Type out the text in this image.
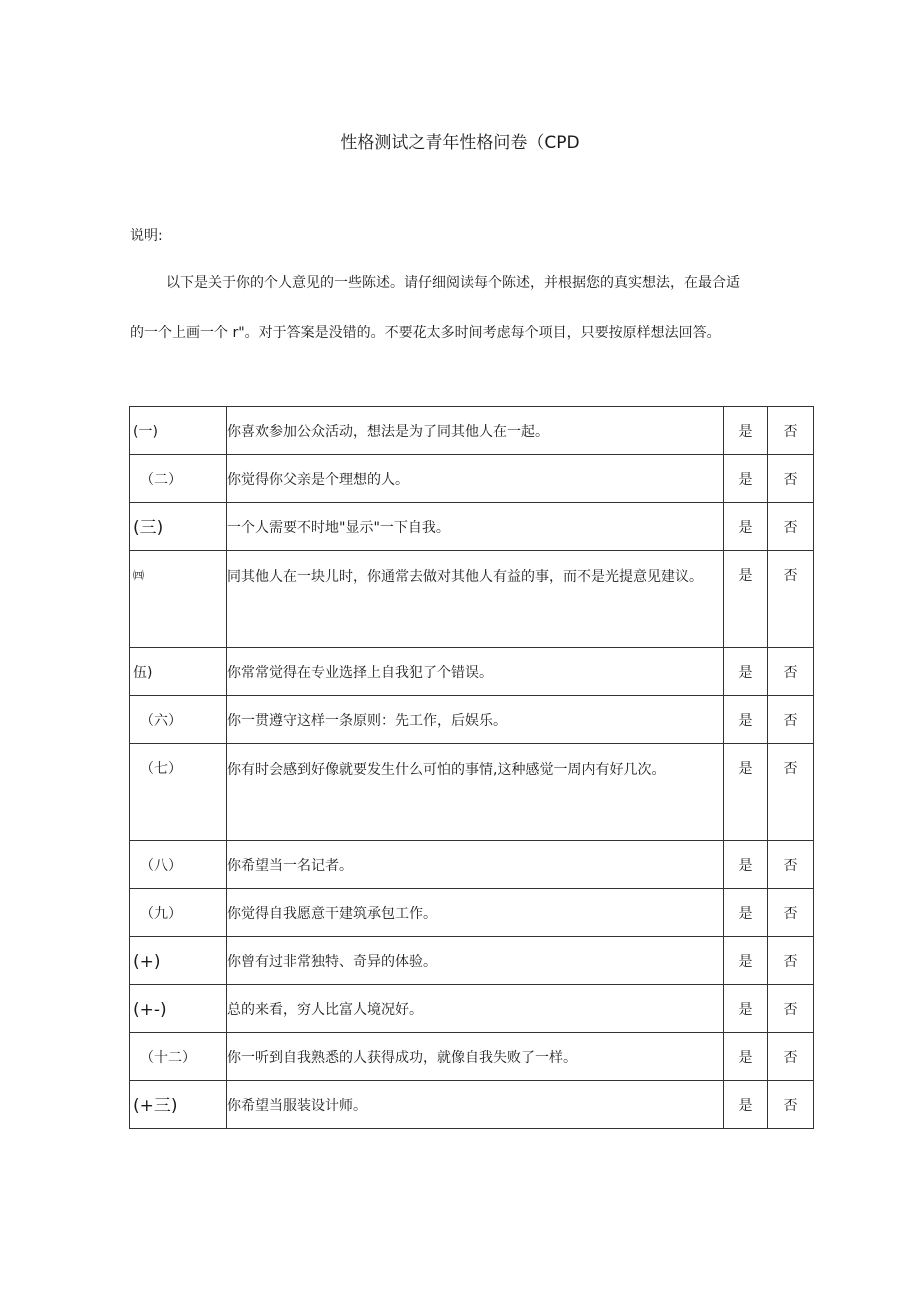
性格测试之青年性格问卷（CPD
说明:
以下是关于你的个人意见的一些陈述。请仔细阅读每个陈述，并根据您的真实想法，在最合适
的一个上画一个 r"。对于答案是没错的。不要花太多时间考虑每个项目，只要按原样想法回答。
(一)	你喜欢参加公众活动，想法是为了同其他人在一起。	是	否

（二）	你觉得你父亲是个理想的人。	是	否

(三)	一个人需要不时地"显示"一下自我。	是	否

㈣	同其他人在一块儿时，你通常去做对其他人有益的事，而不是光提意见建议。	是	否

伍)	你常常觉得在专业选择上自我犯了个错误。	是	否

（六）	你一贯遵守这样一条原则：先工作，后娱乐。	是	否

（七）	你有时会感到好像就要发生什么可怕的事情,这种感觉一周内有好几次。	是	否

（八）	你希望当一名记者。	是	否

（九）	你觉得自我愿意干建筑承包工作。	是	否

(+)	你曾有过非常独特、奇异的体验。	是	否

(+-)	总的来看，穷人比富人境况好。	是	否

（十二）	你一听到自我熟悉的人获得成功，就像自我失败了一样。	是	否

(+三)	你希望当服装设计师。	是	否
